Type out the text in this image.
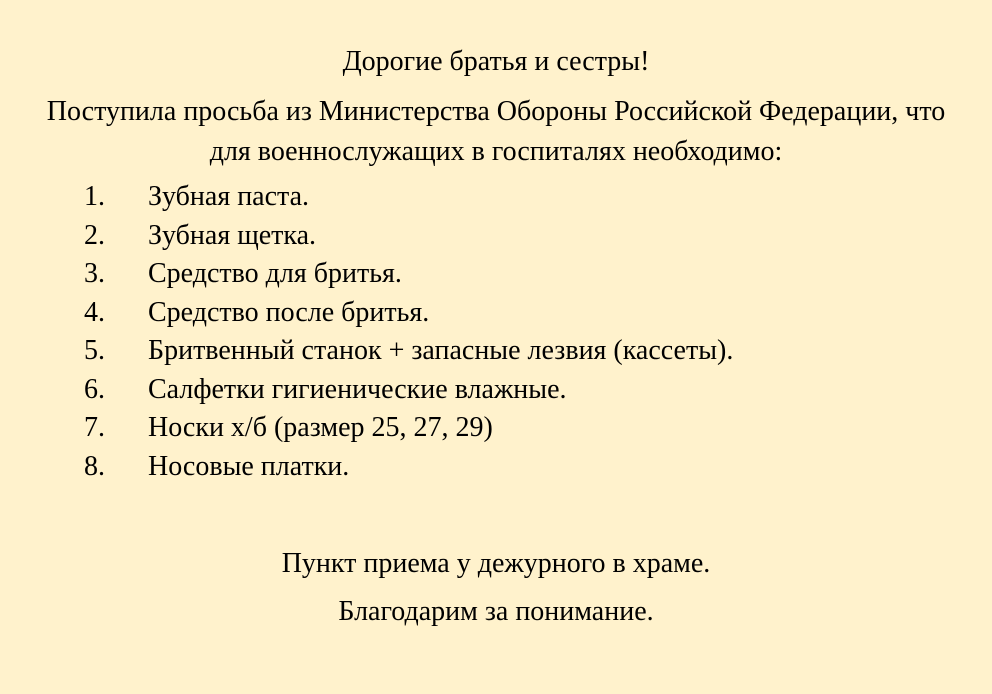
Дорогие братья и сестры!
Поступила просьба из Министерства Обороны Российской Федерации, что для военнослужащих в госпиталях необходимо:
1. Зубная паста.
2. Зубная щетка.
3. Средство для бритья.
4. Средство после бритья.
5. Бритвенный станок + запасные лезвия (кассеты).
6. Салфетки гигиенические влажные.
7. Носки х/б (размер 25, 27, 29)
8. Носовые платки.
Пункт приема у дежурного в храме.
Благодарим за понимание.
